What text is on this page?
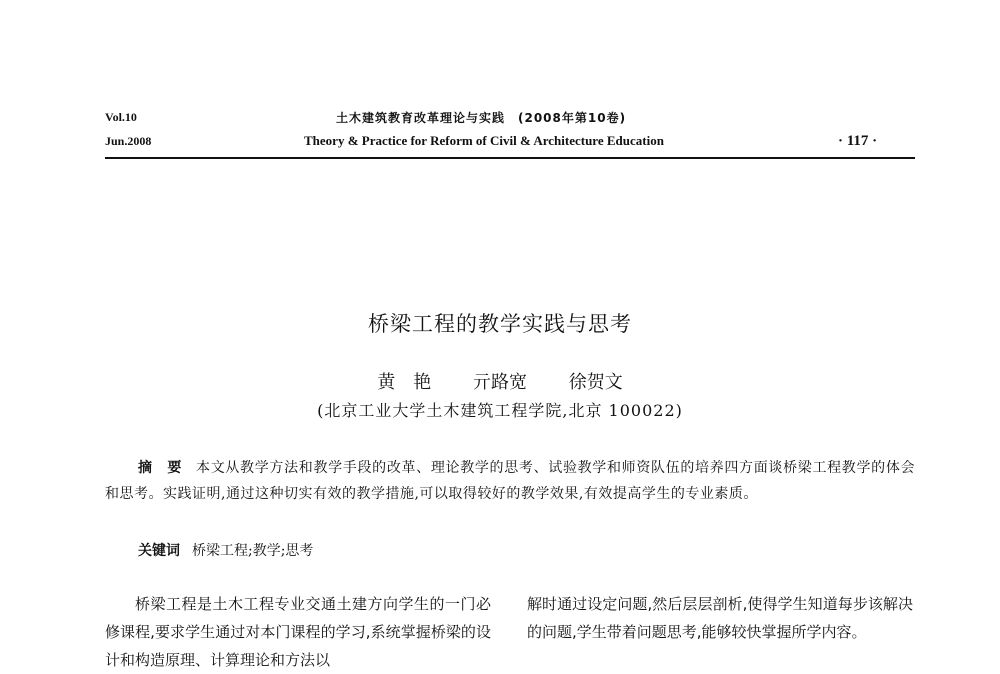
Vol.10
Jun.2008
土木建筑教育改革理论与实践　(2008年第10卷)
Theory & Practice for Reform of Civil & Architecture Education	· 117 ·
桥梁工程的教学实践与思考
黄　艳 亓路宽 徐贺文
(北京工业大学土木建筑工程学院,北京 100022)
摘　要 本文从教学方法和教学手段的改革、理论教学的思考、试验教学和师资队伍的培养四方面谈桥梁工程教学的体会和思考。实践证明,通过这种切实有效的教学措施,可以取得较好的教学效果,有效提高学生的专业素质。
关键词 桥梁工程;教学;思考
桥梁工程是土木工程专业交通土建方向学生的一门必修课程,要求学生通过对本门课程的学习,系统掌握桥梁的设计和构造原理、计算理论和方法以
解时通过设定问题,然后层层剖析,使得学生知道每步该解决的问题,学生带着问题思考,能够较快掌握所学内容。
